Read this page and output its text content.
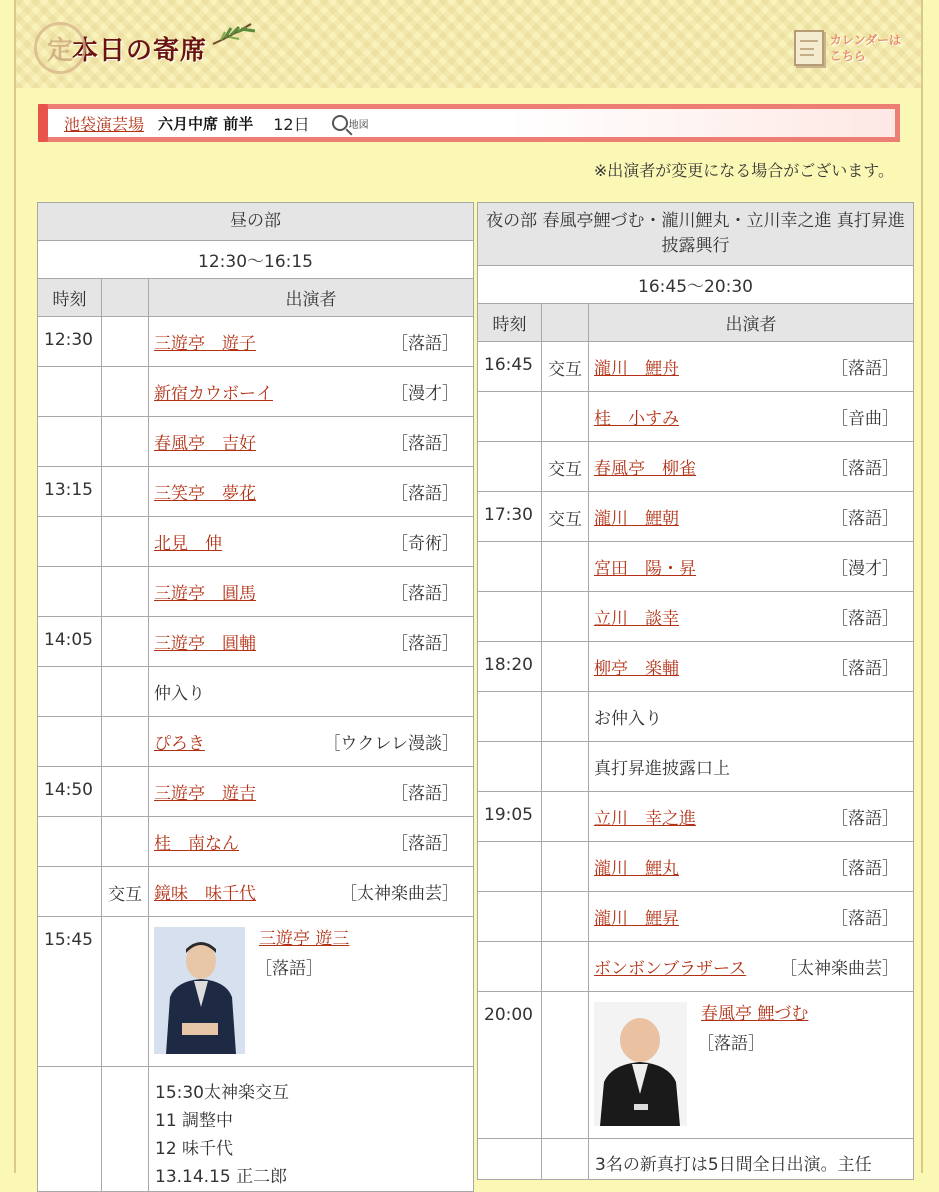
定 本日の寄席	カレンダーは
こちら
池袋演芸場 六月中席 前半 12日	地図
※出演者が変更になる場合がございます。
昼の部		
12:30〜16:15		
時刻		出演者
12:30		三遊亭　遊子 ［落語］

		新宿カウボーイ ［漫才］

		春風亭　吉好 ［落語］

13:15		三笑亭　夢花 ［落語］

		北見　伸 ［奇術］

		三遊亭　圓馬 ［落語］

14:05		三遊亭　圓輔 ［落語］

		仲入り
		ぴろき ［ウクレレ漫談］

14:50		三遊亭　遊吉 ［落語］

		桂　南なん ［落語］

	交互	鏡味　味千代 ［太神楽曲芸］

15:45		三遊亭 遊三
［落語］

		15:30太神楽交互
11 調整中
12 味千代
13.14.15 正二郎
夜の部 春風亭鯉づむ・瀧川鯉丸・立川幸之進 真打昇進披露興行		
16:45〜20:30		
時刻		出演者
16:45	交互	瀧川　鯉舟 ［落語］

		桂　小すみ ［音曲］

	交互	春風亭　柳雀 ［落語］

17:30	交互	瀧川　鯉朝 ［落語］

		宮田　陽・昇 ［漫才］

		立川　談幸 ［落語］

18:20		柳亭　楽輔 ［落語］

		お仲入り
		真打昇進披露口上
19:05		立川　幸之進 ［落語］

		瀧川　鯉丸 ［落語］

		瀧川　鯉昇 ［落語］

		ボンボンブラザース ［太神楽曲芸］

20:00		春風亭 鯉づむ
［落語］

		3名の新真打は5日間全日出演。主任
